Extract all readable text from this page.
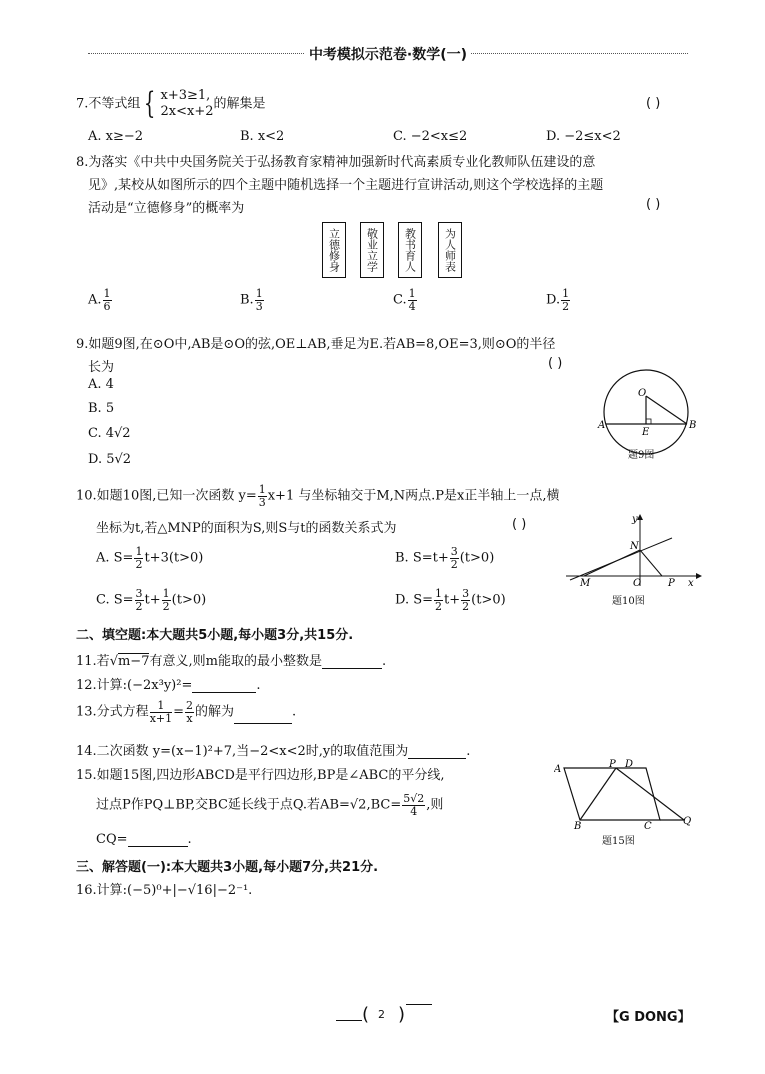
中考模拟示范卷·数学(一)
7.不等式组 { x+3≥1,
2x<x+2 的解集是	( )
A. x≥−2	B. x<2	C. −2<x≤2	D. −2≤x<2
8.为落实《中共中央国务院关于弘扬教育家精神加强新时代高素质专业化教师队伍建设的意
见》,某校从如图所示的四个主题中随机选择一个主题进行宣讲活动,则这个学校选择的主题
活动是“立德修身”的概率为	( )
立德修身 敬业立学 教书育人 为人师表
A. $\frac{1}{6}$	B. $\frac{1}{3}$	C. $\frac{1}{4}$	D. $\frac{1}{2}$
9.如题9图,在⊙O中,AB是⊙O的弦,OE⊥AB,垂足为E.若AB=8,OE=3,则⊙O的半径
长为	( )
A. 4
B. 5
C. 4√2
D. 5√2
O
E
A	B
题9图
10.如题10图,已知一次函数 $y= \frac{1}{3} x+1$ 与坐标轴交于M,N两点.P是x正半轴上一点,横
坐标为t,若△MNP的面积为S,则S与t的函数关系式为	( )
A. $S= \frac{1}{2} t+3(t>0)$	B. $S=t+ \frac{3}{2} (t>0)$
C. $S= \frac{3}{2} t+ \frac{1}{2} (t>0)$	D. $S= \frac{1}{2} t+ \frac{3}{2} (t>0)$
y
N
M	O	P x
题10图
二、填空题:本大题共5小题,每小题3分,共15分.
11.若√m−7有意义,则m能取的最小整数是	.
12.计算:(−2x³y)²=	.
13.分式方程 $\frac{1}{x+1} = \frac{2}{x}$ 的解为	.
14.二次函数 y=(x−1)²+7,当−2<x<2时,y的取值范围为	.
15.如题15图,四边形ABCD是平行四边形,BP是∠ABC的平分线,
过点P作PQ⊥BP,交BC延长线于点Q.若$AB=√2,BC= \frac{5√2}{4}$ ,则
CQ=	.
A	P D
B	C	Q
题15图
三、解答题(一):本大题共3小题,每小题7分,共21分.
16.计算:(−5)⁰+|−√16|−2⁻¹.
( 2 )	【G DONG】
